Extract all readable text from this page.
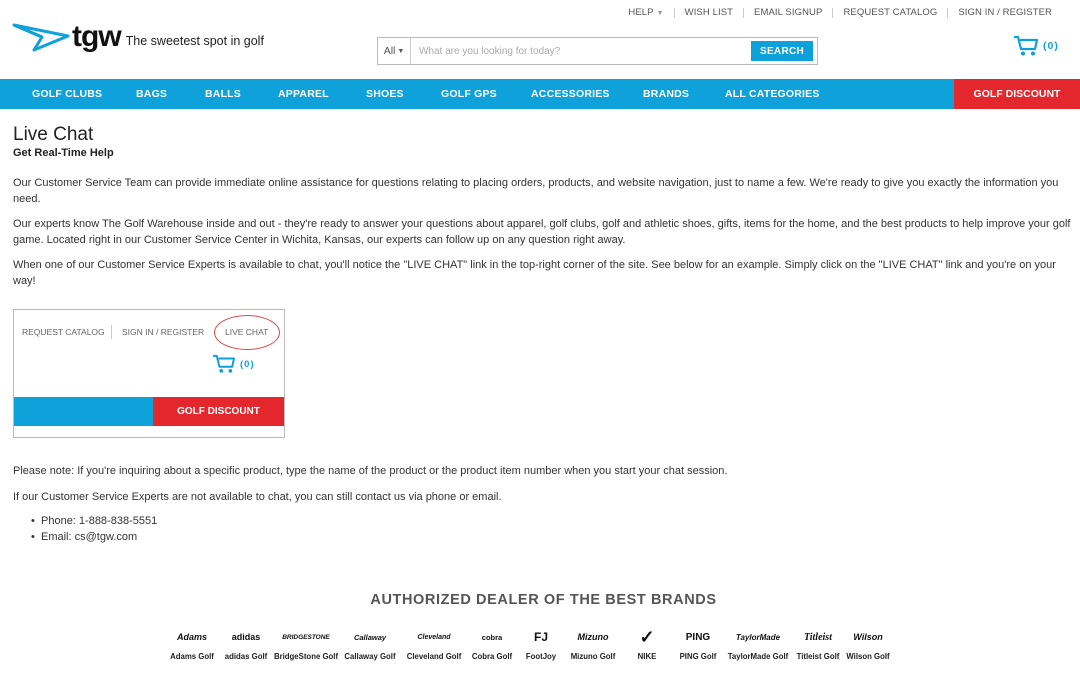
HELP ▼	WISH LIST	EMAIL SIGNUP	REQUEST CATALOG	SIGN IN / REGISTER
tgw The sweetest spot in golf
All ▼
What are you looking for today?	SEARCH	(0)
GOLF CLUBS	BAGS	BALLS	APPAREL	SHOES	GOLF GPS	ACCESSORIES	BRANDS	ALL CATEGORIES	GOLF DISCOUNT
Live Chat
Get Real-Time Help

Our Customer Service Team can provide immediate online assistance for questions relating to placing orders, products, and website navigation, just to name a few. We're ready to give you exactly the information you need.

Our experts know The Golf Warehouse inside and out - they're ready to answer your questions about apparel, golf clubs, golf and athletic shoes, gifts, items for the home, and the best products to help improve your golf game. Located right in our Customer Service Center in Wichita, Kansas, our experts can follow up on any question right away.

When one of our Customer Service Experts is available to chat, you'll notice the "LIVE CHAT" link in the top-right corner of the site. See below for an example. Simply click on the "LIVE CHAT" link and you're on your way!

REQUEST CATALOG SIGN IN / REGISTER LIVE CHAT
(0)
GOLF DISCOUNT

Please note: If you're inquiring about a specific product, type the name of the product or the product item number when you start your chat session.

If our Customer Service Experts are not available to chat, you can still contact us via phone or email.

• Phone: 1-888-838-5551
• Email: cs@tgw.com
AUTHORIZED DEALER OF THE BEST BRANDS
Adams
Adams Golf
adidas
adidas Golf
BRIDGESTONE
BridgeStone Golf
Callaway
Callaway Golf
Cleveland
Cleveland Golf
cobra
Cobra Golf
FJ
FootJoy
Mizuno
Mizuno Golf
✓
NIKE
PING
PING Golf
TaylorMade
TaylorMade Golf
Titleist
Titleist Golf
Wilson
Wilson Golf
